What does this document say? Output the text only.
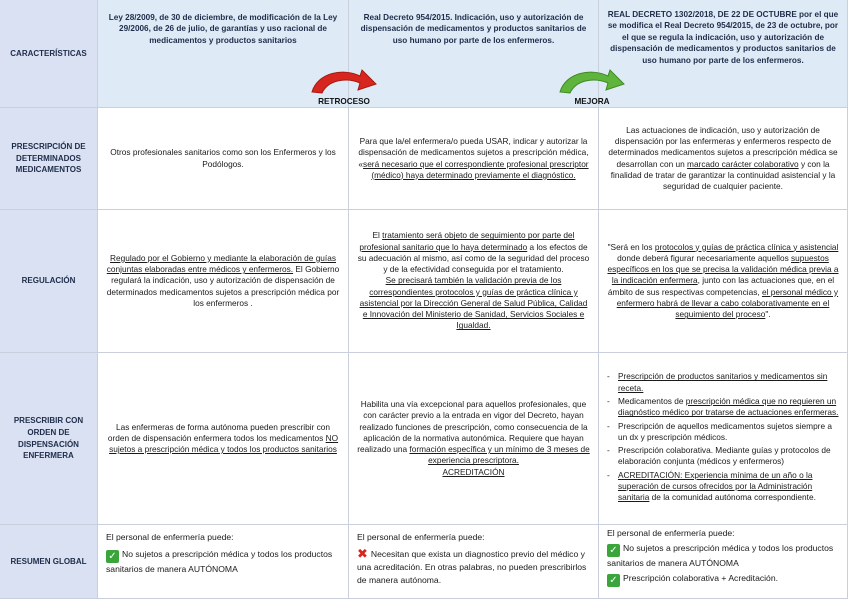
CARACTERÍSTICAS
Ley 28/2009, de 30 de diciembre, de modificación de la Ley 29/2006, de 26 de julio, de garantías y uso racional de medicamentos y productos sanitarios
Real Decreto 954/2015. Indicación, uso y autorización de dispensación de medicamentos y productos sanitarios de uso humano por parte de los enfermeros.
REAL DECRETO 1302/2018, DE 22 DE OCTUBRE por el que se modifica el Real Decreto 954/2015, de 23 de octubre, por el que se regula la indicación, uso y autorización de dispensación de medicamentos y productos sanitarios de uso humano por parte de los enfermeros.
PRESCRIPCIÓN DE DETERMINADOS MEDICAMENTOS
Otros profesionales sanitarios como son los Enfermeros y los Podólogos.
Para que la/el enfermera/o pueda USAR, indicar y autorizar la dispensación de medicamentos sujetos a prescripción médica, «será necesario que el correspondiente profesional prescriptor (médico) haya determinado previamente el diagnóstico.
Las actuaciones de indicación, uso y autorización de dispensación por las enfermeras y enfermeros respecto de determinados medicamentos sujetos a prescripción médica se desarrollan con un marcado carácter colaborativo y con la finalidad de tratar de garantizar la continuidad asistencial y la seguridad de cualquier paciente.
REGULACIÓN
Regulado por el Gobierno y mediante la elaboración de guías conjuntas elaboradas entre médicos y enfermeros. El Gobierno regulará la indicación, uso y autorización de dispensación de determinados medicamentos sujetos a prescripción médica por los enfermeros .
El tratamiento será objeto de seguimiento por parte del profesional sanitario que lo haya determinado a los efectos de su adecuación al mismo, así como de la seguridad del proceso y de la efectividad conseguida por el tratamiento.
Se precisará también la validación previa de los correspondientes protocolos y guías de práctica clínica y asistencial por la Dirección General de Salud Pública, Calidad e Innovación del Ministerio de Sanidad, Servicios Sociales e Igualdad.
"Será en los protocolos y guías de práctica clínica y asistencial donde deberá figurar necesariamente aquellos supuestos específicos en los que se precisa la validación médica previa a la indicación enfermera, junto con las actuaciones que, en el ámbito de sus respectivas competencias, el personal médico y enfermero habrá de llevar a cabo colaborativamente en el seguimiento del proceso".
PRESCRIBIR CON ORDEN DE DISPENSACIÓN ENFERMERA
Las enfermeras de forma autónoma pueden prescribir con orden de dispensación enfermera todos los medicamentos NO sujetos a prescripción médica y todos los productos sanitarios
Habilita una vía excepcional para aquellos profesionales, que con carácter previo a la entrada en vigor del Decreto, hayan realizado funciones de prescripción, como consecuencia de la aplicación de la normativa autonómica. Requiere que hayan realizado una formación específica y un mínimo de 3 meses de experiencia prescriptora.
ACREDITACIÓN
- Prescripción de productos sanitarios y medicamentos sin receta.
- Medicamentos de prescripción médica que no requieren un diagnóstico médico por tratarse de actuaciones enfermeras.
- Prescripción de aquellos medicamentos sujetos siempre a un dx y prescripción médicos.
- Prescripción colaborativa. Mediante guías y protocolos de elaboración conjunta (médicos y enfermeros)
- ACREDITACIÓN: Experiencia mínima de un año o la superación de cursos ofrecidos por la Administración sanitaria de la comunidad autónoma correspondiente.
RESUMEN GLOBAL

El personal de enfermería puede:

✓ No sujetos a prescripción médica y todos los productos sanitarios de manera AUTÓNOMA

El personal de enfermería puede:

✖ Necesitan que exista un diagnostico previo del médico y una acreditación. En otras palabras, no pueden prescribirlos de manera autónoma.

El personal de enfermería puede:

✓ No sujetos a prescripción médica y todos los productos sanitarios de manera AUTÓNOMA

✓ Prescripción colaborativa + Acreditación.

RETROCESO	MEJORA
